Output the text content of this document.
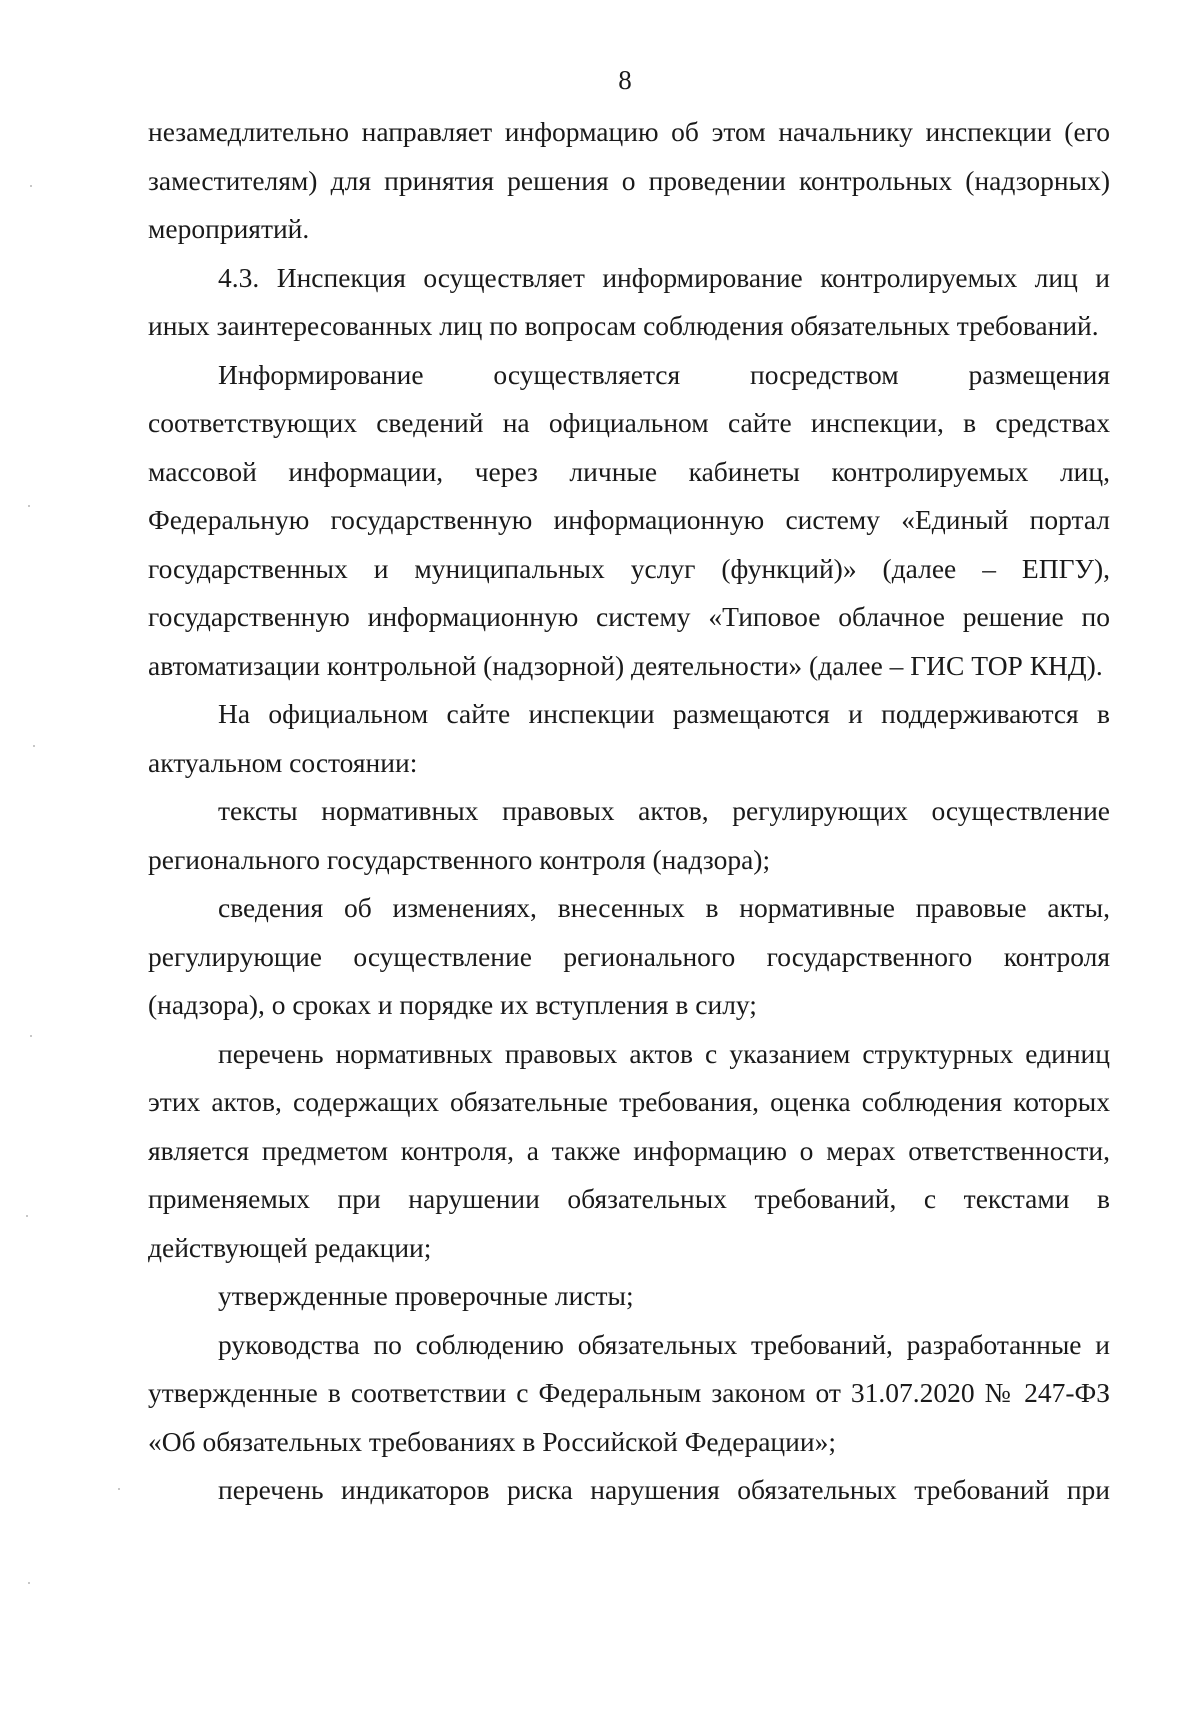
8

незамедлительно направляет информацию об этом начальнику инспекции (его заместителям) для принятия решения о проведении контрольных (надзорных) мероприятий.

4.3. Инспекция осуществляет информирование контролируемых лиц и иных заинтересованных лиц по вопросам соблюдения обязательных требований.

Информирование осуществляется посредством размещения соответствующих сведений на официальном сайте инспекции, в средствах массовой информации, через личные кабинеты контролируемых лиц, Федеральную государственную информационную систему «Единый портал государственных и муниципальных услуг (функций)» (далее – ЕПГУ), государственную информационную систему «Типовое облачное решение по автоматизации контрольной (надзорной) деятельности» (далее – ГИС ТОР КНД).

На официальном сайте инспекции размещаются и поддерживаются в актуальном состоянии:

тексты нормативных правовых актов, регулирующих осуществление регионального государственного контроля (надзора);

сведения об изменениях, внесенных в нормативные правовые акты, регулирующие осуществление регионального государственного контроля (надзора), о сроках и порядке их вступления в силу;

перечень нормативных правовых актов с указанием структурных единиц этих актов, содержащих обязательные требования, оценка соблюдения которых является предметом контроля, а также информацию о мерах ответственности, применяемых при нарушении обязательных требований, с текстами в действующей редакции;

утвержденные проверочные листы;

руководства по соблюдению обязательных требований, разработанные и утвержденные в соответствии с Федеральным законом от 31.07.2020 № 247-ФЗ «Об обязательных требованиях в Российской Федерации»;

перечень индикаторов риска нарушения обязательных требований при
